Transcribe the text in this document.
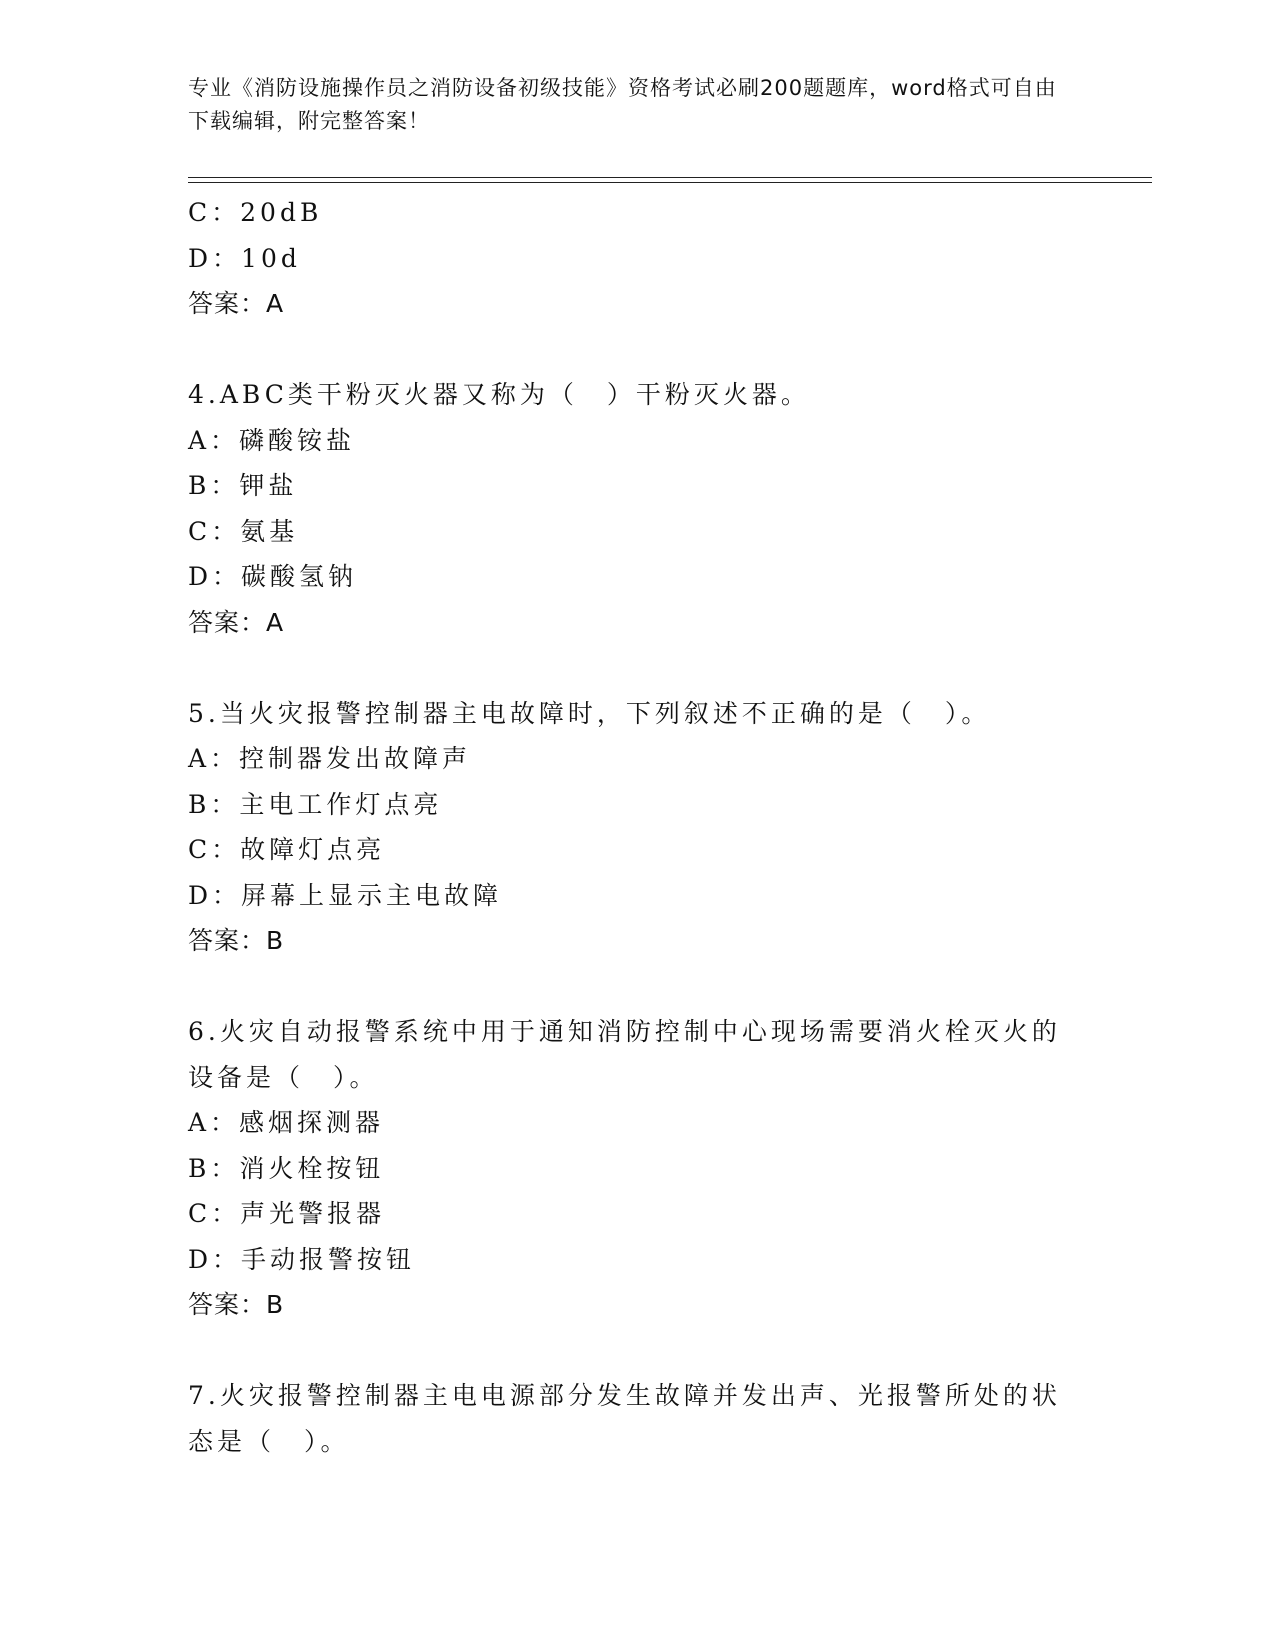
专业《消防设施操作员之消防设备初级技能》资格考试必刷200题题库，word格式可自由下载编辑，附完整答案！

C：20dB

D：10d

答案：A

4.ABC类干粉灭火器又称为（　）干粉灭火器。

A：磷酸铵盐

B：钾盐

C：氨基

D：碳酸氢钠

答案：A

5.当火灾报警控制器主电故障时，下列叙述不正确的是（　）。

A：控制器发出故障声

B：主电工作灯点亮

C：故障灯点亮

D：屏幕上显示主电故障

答案：B

6.火灾自动报警系统中用于通知消防控制中心现场需要消火栓灭火的设备是（　）。

A：感烟探测器

B：消火栓按钮

C：声光警报器

D：手动报警按钮

答案：B

7.火灾报警控制器主电电源部分发生故障并发出声、光报警所处的状态是（　）。
